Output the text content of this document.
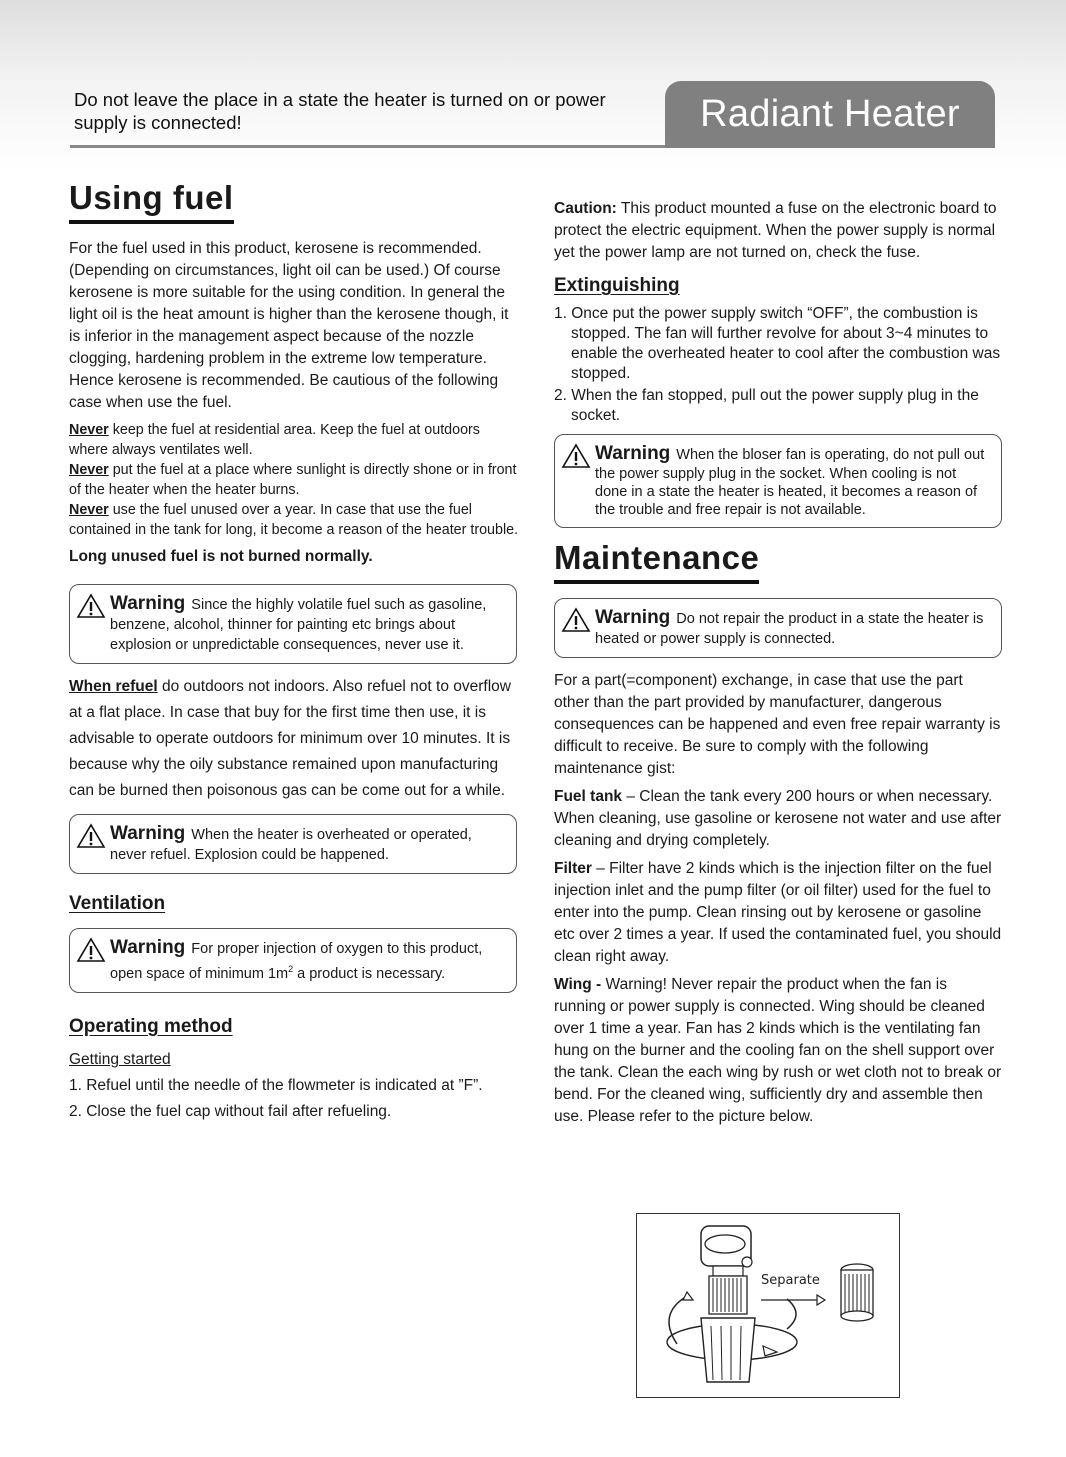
Do not leave the place in a state the heater is turned on or power supply is connected!	Radiant Heater
Using fuel
For the fuel used in this product, kerosene is recommended. (Depending on circumstances, light oil can be used.) Of course kerosene is more suitable for the using condition. In general the light oil is the heat amount is higher than the kerosene though, it is inferior in the management aspect because of the nozzle clogging, hardening problem in the extreme low temperature. Hence kerosene is recommended. Be cautious of the following case when use the fuel.
Never keep the fuel at residential area. Keep the fuel at outdoors where always ventilates well.
Never put the fuel at a place where sunlight is directly shone or in front of the heater when the heater burns.
Never use the fuel unused over a year. In case that use the fuel contained in the tank for long, it become a reason of the heater trouble.
Long unused fuel is not burned normally.
Warning Since the highly volatile fuel such as gasoline, benzene, alcohol, thinner for painting etc brings about explosion or unpredictable consequences, never use it.
When refuel do outdoors not indoors. Also refuel not to overflow at a flat place. In case that buy for the first time then use, it is advisable to operate outdoors for minimum over 10 minutes. It is because why the oily substance remained upon manufacturing can be burned then poisonous gas can be come out for a while.
Warning When the heater is overheated or operated, never refuel. Explosion could be happened.
Ventilation
Warning For proper injection of oxygen to this product, open space of minimum $1m^2$ a product is necessary.
Operating method
Getting started
1. Refuel until the needle of the flowmeter is indicated at ”F”.
2. Close the fuel cap without fail after refueling.
Caution: This product mounted a fuse on the electronic board to protect the electric equipment. When the power supply is normal yet the power lamp are not turned on, check the fuse.
Extinguishing
1. Once put the power supply switch “OFF”, the combustion is stopped. The fan will further revolve for about 3~4 minutes to enable the overheated heater to cool after the combustion was stopped.
2. When the fan stopped, pull out the power supply plug in the socket.
Warning When the bloser fan is operating, do not pull out the power supply plug in the socket. When cooling is not done in a state the heater is heated, it becomes a reason of the trouble and free repair is not available.
Maintenance
Warning Do not repair the product in a state the heater is heated or power supply is connected.
For a part(=component) exchange, in case that use the part other than the part provided by manufacturer, dangerous consequences can be happened and even free repair warranty is difficult to receive. Be sure to comply with the following maintenance gist:
Fuel tank – Clean the tank every 200 hours or when necessary. When cleaning, use gasoline or kerosene not water and use after cleaning and drying completely.
Filter – Filter have 2 kinds which is the injection filter on the fuel injection inlet and the pump filter (or oil filter) used for the fuel to enter into the pump. Clean rinsing out by kerosene or gasoline etc over 2 times a year. If used the contaminated fuel, you should clean right away.
Wing - Warning! Never repair the product when the fan is running or power supply is connected. Wing should be cleaned over 1 time a year. Fan has 2 kinds which is the ventilating fan hung on the burner and the cooling fan on the shell support over the tank. Clean the each wing by rush or wet cloth not to break or bend. For the cleaned wing, sufficiently dry and assemble then use. Please refer to the picture below.
Separate
